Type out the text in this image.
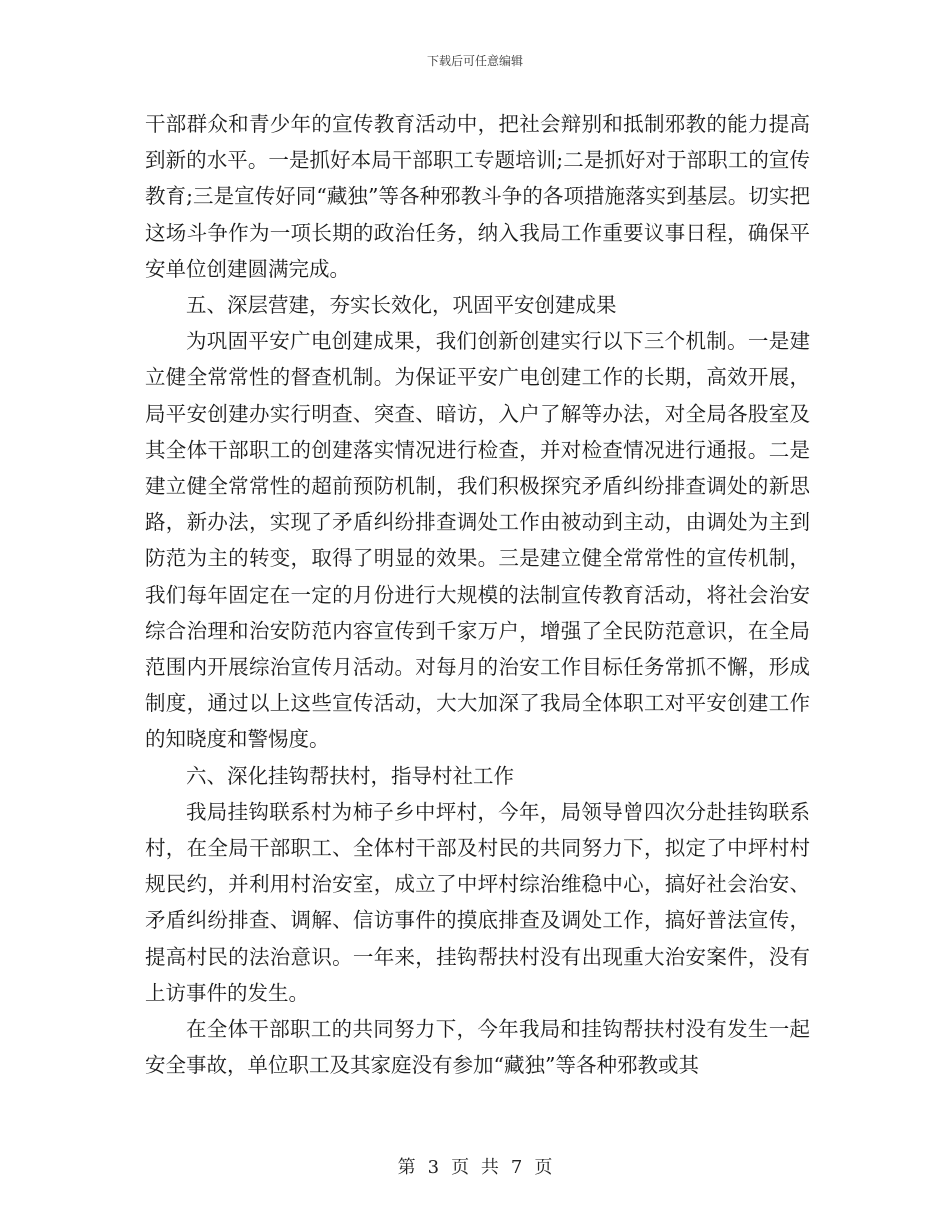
下载后可任意编辑

干部群众和青少年的宣传教育活动中，把社会辩别和抵制邪教的能力提高到新的水平。一是抓好本局干部职工专题培训;二是抓好对于部职工的宣传教育;三是宣传好同“藏独”等各种邪教斗争的各项措施落实到基层。切实把这场斗争作为一项长期的政治任务，纳入我局工作重要议事日程，确保平安单位创建圆满完成。

五、深层营建，夯实长效化，巩固平安创建成果

为巩固平安广电创建成果，我们创新创建实行以下三个机制。一是建立健全常常性的督查机制。为保证平安广电创建工作的长期，高效开展，局平安创建办实行明查、突查、暗访，入户了解等办法，对全局各股室及其全体干部职工的创建落实情况进行检查，并对检查情况进行通报。二是建立健全常常性的超前预防机制，我们积极探究矛盾纠纷排查调处的新思路，新办法，实现了矛盾纠纷排查调处工作由被动到主动，由调处为主到防范为主的转变，取得了明显的效果。三是建立健全常常性的宣传机制，我们每年固定在一定的月份进行大规模的法制宣传教育活动，将社会治安综合治理和治安防范内容宣传到千家万户，增强了全民防范意识，在全局范围内开展综治宣传月活动。对每月的治安工作目标任务常抓不懈，形成制度，通过以上这些宣传活动，大大加深了我局全体职工对平安创建工作的知晓度和警惕度。

六、深化挂钩帮扶村，指导村社工作

我局挂钩联系村为柿子乡中坪村，今年，局领导曾四次分赴挂钩联系村，在全局干部职工、全体村干部及村民的共同努力下，拟定了中坪村村规民约，并利用村治安室，成立了中坪村综治维稳中心，搞好社会治安、矛盾纠纷排查、调解、信访事件的摸底排查及调处工作，搞好普法宣传，提高村民的法治意识。一年来，挂钩帮扶村没有出现重大治安案件，没有上访事件的发生。

在全体干部职工的共同努力下，今年我局和挂钩帮扶村没有发生一起安全事故，单位职工及其家庭没有参加“藏独”等各种邪教或其

第 3 页 共 7 页
